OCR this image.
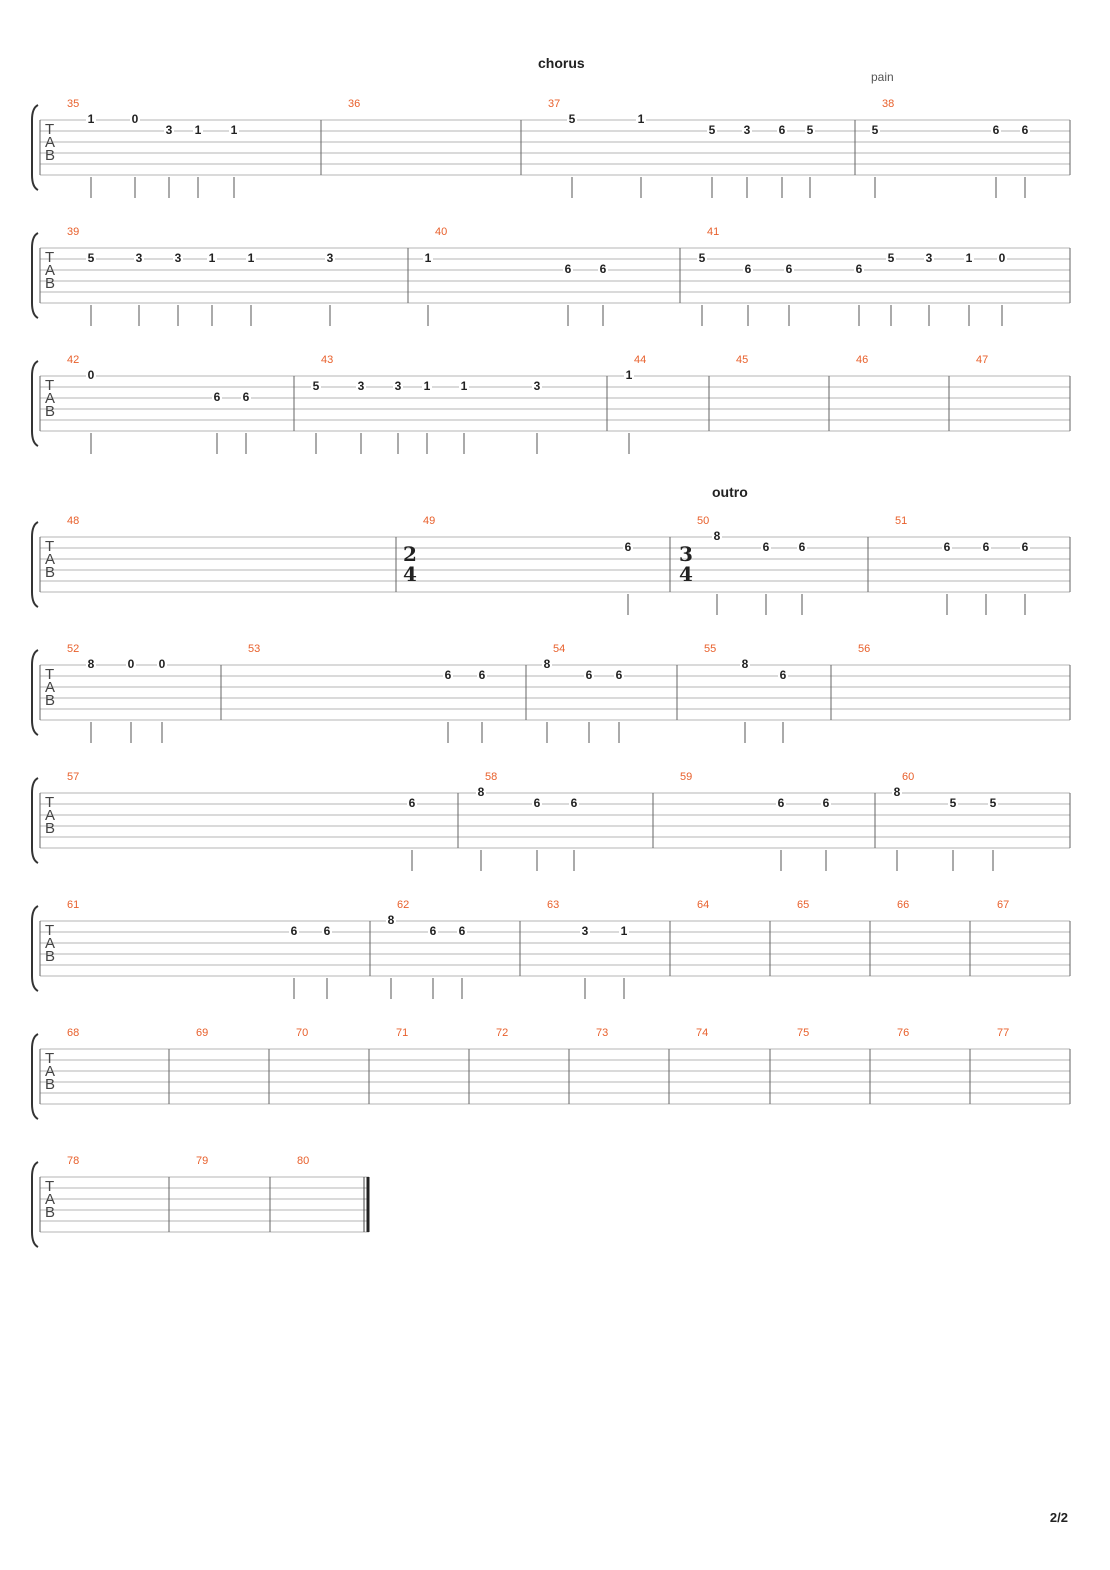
chorus
pain
outro
2/2
T
A
B
35
1	0
3 1 1
36	37
5	1
5 3 6 5
38
5	6 6
T
A
B
39
5	3	3 1	1	3
40
1
6 6
41
5
6	6	6
5	3	1 0
T
A
B
42
0
6 6
43
5	3	3 1	1	3
44
1
45	46	47
T
A
B
48	49
6
50
8
6 6
51
6	6	6
T
A
B
52
8	0 0
53
6 6
54
8
6 6
55
8
6
56
T
A
B
57
6
58
8
6	6
59
6	6
60
8
5	5
T
A
B
61
6 6
62
8
6 6
63
3	1
64	65	66	67
T
A
B
68	69	70	71	72	73	74	75	76	77
T
A
B
78	79	80
2
4
3
4
